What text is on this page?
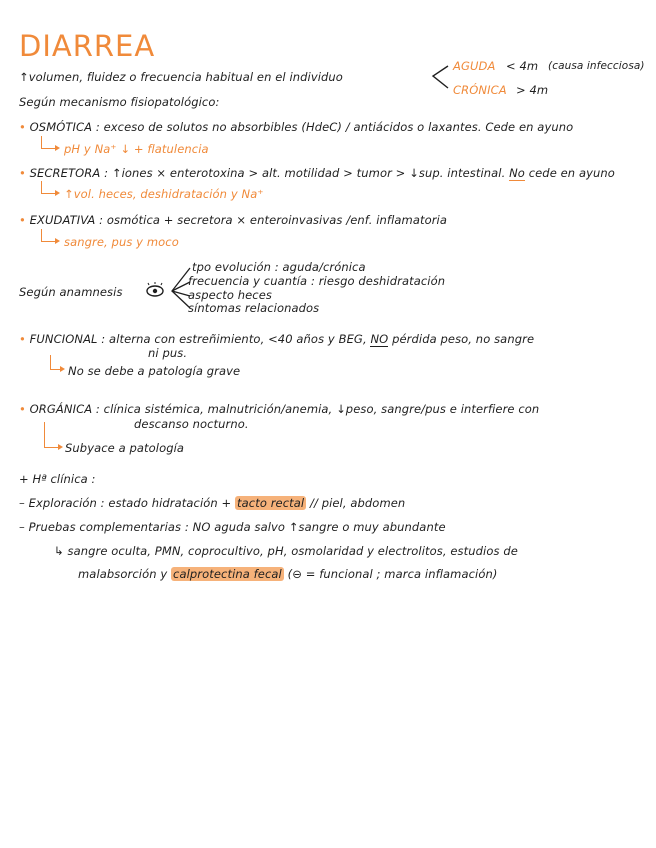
DIARREA
↑volumen, fluidez o frecuencia habitual en el individuo
AGUDA < 4m (causa infecciosa)
CRÓNICA > 4m
Según mecanismo fisiopatológico:
• OSMÓTICA : exceso de solutos no absorbibles (HdeC) / antiácidos o laxantes. Cede en ayuno
pH y Na⁺ ↓ + flatulencia
• SECRETORA : ↑iones × enterotoxina > alt. motilidad > tumor > ↓sup. intestinal. No cede en ayuno
↑vol. heces, deshidratación y Na⁺
• EXUDATIVA : osmótica + secretora × enteroinvasivas /enf. inflamatoria
sangre, pus y moco
Según anamnesis
tpo evolución : aguda/crónica
frecuencia y cuantía : riesgo deshidratación
aspecto heces
síntomas relacionados
• FUNCIONAL : alterna con estreñimiento, <40 años y BEG, NO pérdida peso, no sangre
ni pus.
No se debe a patología grave
• ORGÁNICA : clínica sistémica, malnutrición/anemia, ↓peso, sangre/pus e interfiere con
descanso nocturno.
Subyace a patología
+ Hª clínica :
– Exploración : estado hidratación + tacto rectal // piel, abdomen
– Pruebas complementarias : NO aguda salvo ↑sangre o muy abundante
↳ sangre oculta, PMN, coprocultivo, pH, osmolaridad y electrolitos, estudios de
malabsorción y calprotectina fecal (⊖ = funcional ; marca inflamación)
